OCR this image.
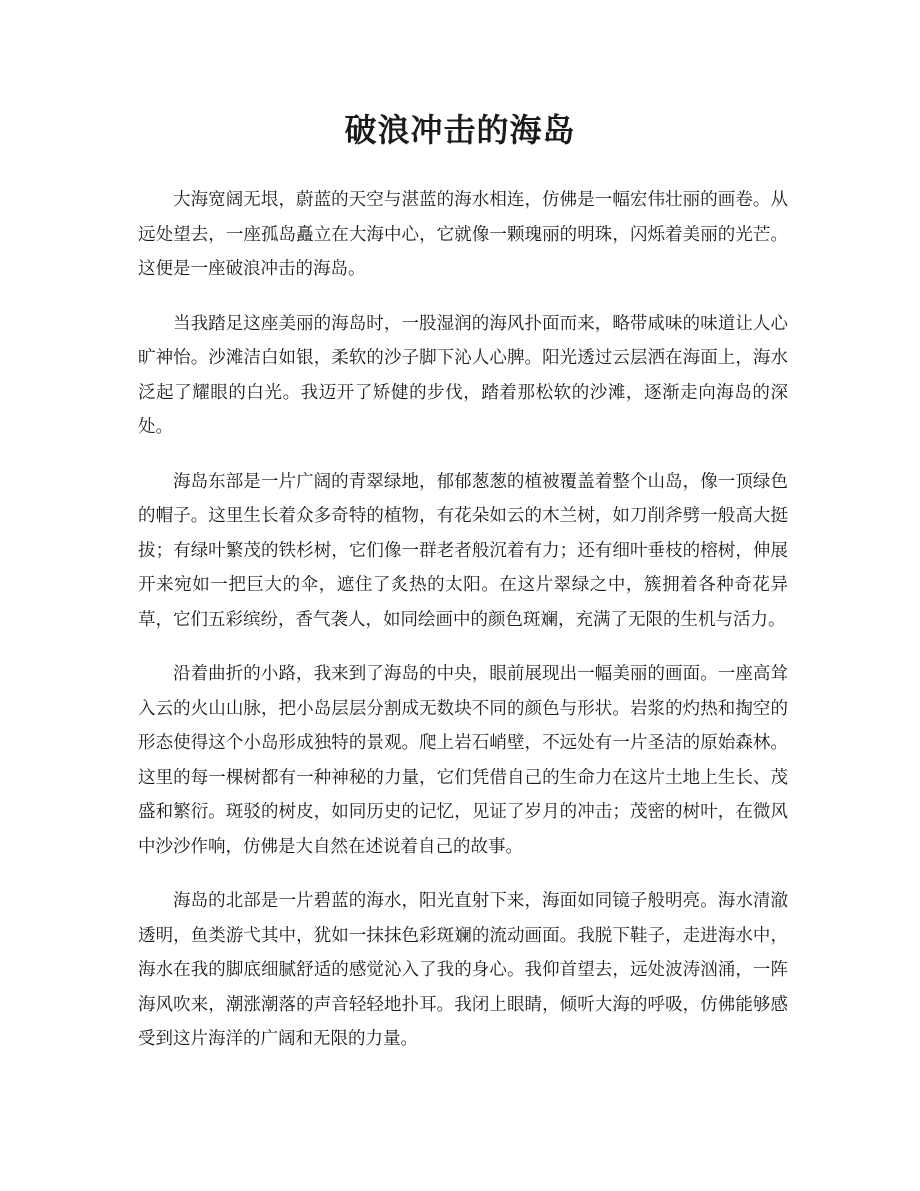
破浪冲击的海岛

大海宽阔无垠，蔚蓝的天空与湛蓝的海水相连，仿佛是一幅宏伟壮丽的画卷。从远处望去，一座孤岛矗立在大海中心，它就像一颗瑰丽的明珠，闪烁着美丽的光芒。这便是一座破浪冲击的海岛。

当我踏足这座美丽的海岛时，一股湿润的海风扑面而来，略带咸味的味道让人心旷神怡。沙滩洁白如银，柔软的沙子脚下沁人心脾。阳光透过云层洒在海面上，海水泛起了耀眼的白光。我迈开了矫健的步伐，踏着那松软的沙滩，逐渐走向海岛的深处。

海岛东部是一片广阔的青翠绿地，郁郁葱葱的植被覆盖着整个山岛，像一顶绿色的帽子。这里生长着众多奇特的植物，有花朵如云的木兰树，如刀削斧劈一般高大挺拔；有绿叶繁茂的铁杉树，它们像一群老者般沉着有力；还有细叶垂枝的榕树，伸展开来宛如一把巨大的伞，遮住了炙热的太阳。在这片翠绿之中，簇拥着各种奇花异草，它们五彩缤纷，香气袭人，如同绘画中的颜色斑斓，充满了无限的生机与活力。

沿着曲折的小路，我来到了海岛的中央，眼前展现出一幅美丽的画面。一座高耸入云的火山山脉，把小岛层层分割成无数块不同的颜色与形状。岩浆的灼热和掏空的形态使得这个小岛形成独特的景观。爬上岩石峭壁，不远处有一片圣洁的原始森林。这里的每一棵树都有一种神秘的力量，它们凭借自己的生命力在这片土地上生长、茂盛和繁衍。斑驳的树皮，如同历史的记忆，见证了岁月的冲击；茂密的树叶，在微风中沙沙作响，仿佛是大自然在述说着自己的故事。

海岛的北部是一片碧蓝的海水，阳光直射下来，海面如同镜子般明亮。海水清澈透明，鱼类游弋其中，犹如一抹抹色彩斑斓的流动画面。我脱下鞋子，走进海水中，海水在我的脚底细腻舒适的感觉沁入了我的身心。我仰首望去，远处波涛汹涌，一阵海风吹来，潮涨潮落的声音轻轻地扑耳。我闭上眼睛，倾听大海的呼吸，仿佛能够感受到这片海洋的广阔和无限的力量。
